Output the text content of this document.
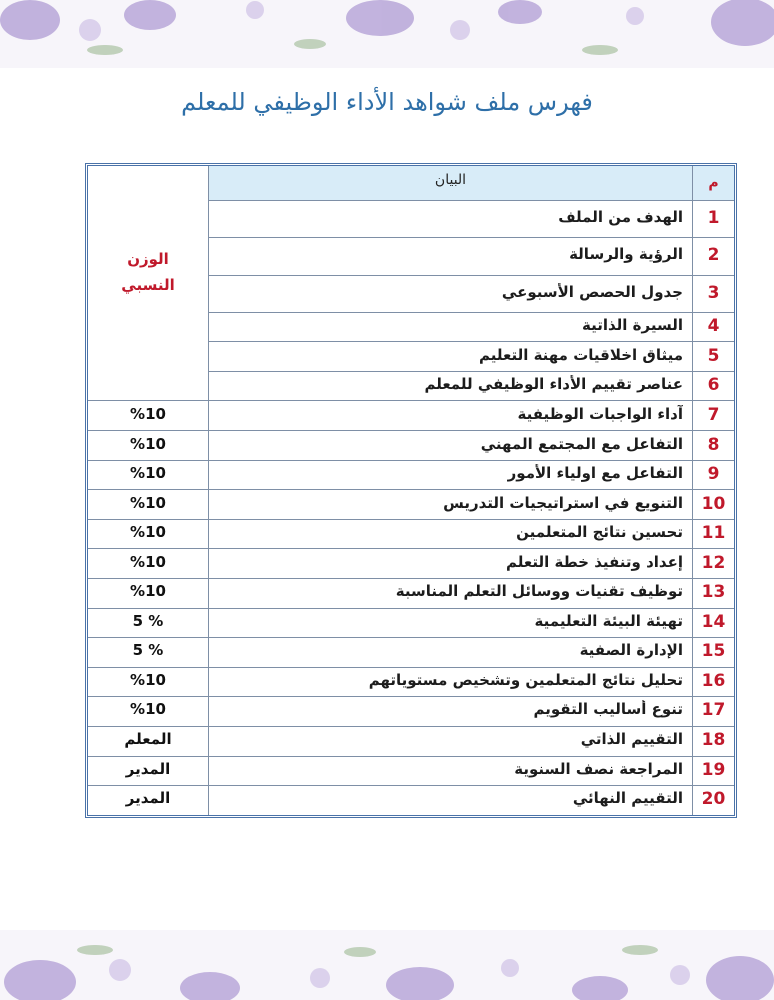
فهرس ملف شواهد الأداء الوظيفي للمعلم
م
البيان
الوزن
النسبي
1
الهدف من الملف
2
الرؤية والرسالة
3
جدول الحصص الأسبوعي
4
السيرة الذاتية
5
ميثاق اخلاقيات مهنة التعليم
6
عناصر تقييم الأداء الوظيفي للمعلم
7
آداء الواجبات الوظيفية
%10
8
التفاعل مع المجتمع المهني
%10
9
التفاعل مع اولياء الأمور
%10
10
التنويع في استراتيجيات التدريس
%10
11
تحسين نتائج المتعلمين
%10
12
إعداد وتنفيذ خطة التعلم
%10
13
توظيف تقنيات ووسائل التعلم المناسبة
%10
14
تهيئة البيئة التعليمية
5 %
15
الإدارة الصفية
5 %
16
تحليل نتائج المتعلمين وتشخيص مستوياتهم
%10
17
تنوع أساليب التقويم
%10
18
التقييم الذاتي
المعلم
19
المراجعة نصف السنوية
المدير
20
التقييم النهائي
المدير
